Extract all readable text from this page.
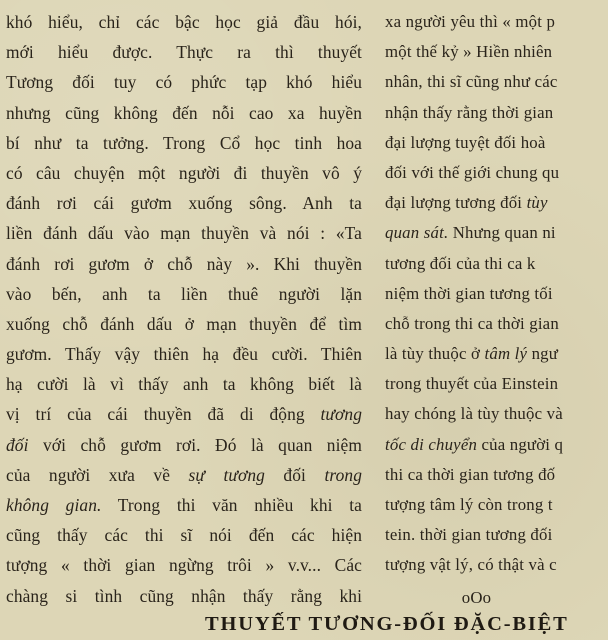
khó hiểu, chỉ các bậc học giả đầu hói,
mới hiểu được. Thực ra thì thuyết
Tương đối tuy có phức tạp khó hiểu
nhưng cũng không đến nỗi cao xa huyền
bí như ta tưởng. Trong Cổ học tinh hoa
có câu chuyện một người đi thuyền vô ý
đánh rơi cái gươm xuống sông. Anh ta
liền đánh dấu vào mạn thuyền và nói : «Ta
đánh rơi gươm ở chỗ này ». Khi thuyền
vào bến, anh ta liền thuê người lặn
xuống chỗ đánh dấu ở mạn thuyền để tìm
gươm. Thấy vậy thiên hạ đều cười. Thiên
hạ cười là vì thấy anh ta không biết là
vị trí của cái thuyền đã di động tương
đối với chỗ gươm rơi. Đó là quan niệm
của người xưa về sự tương đối trong
không gian. Trong thi văn nhiều khi ta
cũng thấy các thi sĩ nói đến các hiện
tượng « thời gian ngừng trôi » v.v... Các
chàng si tình cũng nhận thấy rằng khi
xa người yêu thì « một p
một thế kỷ » Hiền nhiên
nhân, thi sĩ cũng như các
nhận thấy rằng thời gian
đại lượng tuyệt đối hoà
đối với thế giới chung qu
đại lượng tương đối tùy
quan sát. Nhưng quan ni
tương đối của thi ca k
niệm thời gian tương tối
chỗ trong thi ca thời gian
là tùy thuộc ở tâm lý ngư
trong thuyết của Einstein
hay chóng là tùy thuộc và
tốc di chuyển của người q
thi ca thời gian tương đố
tượng tâm lý còn trong t
tein. thời gian tương đối
tượng vật lý, có thật và c
oOo
THUYẾT TƯƠNG-ĐỐI ĐẶC-BIỆT
